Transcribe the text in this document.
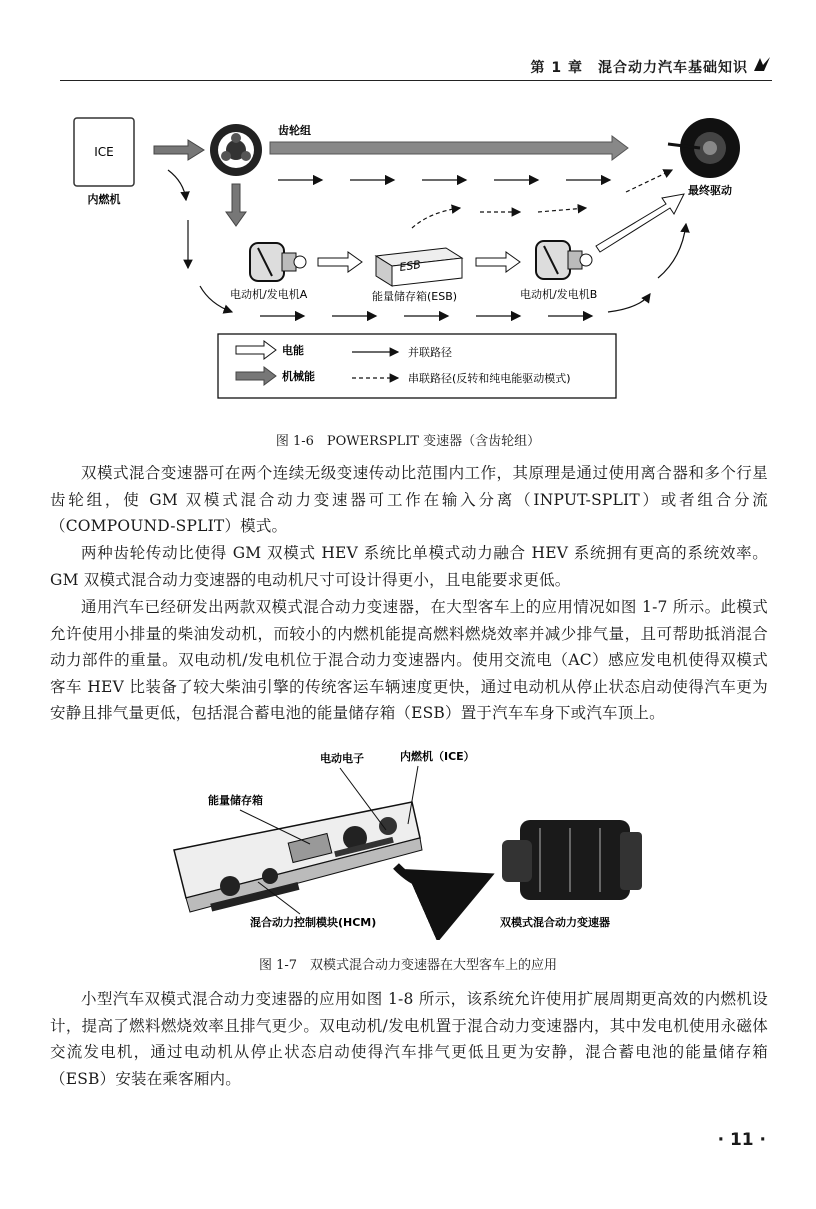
第 1 章　 混合动力汽车基础知识
ICE
内燃机
齿轮组
最终驱动
电动机/发电机A
ESB
能量储存箱(ESB)	电动机/发电机B
电能
机械能
并联路径
串联路径(反转和纯电能驱动模式)
图 1-6　POWERSPLIT 变速器（含齿轮组）

双模式混合变速器可在两个连续无级变速传动比范围内工作，其原理是通过使用离合器和多个行星齿轮组，使 GM 双模式混合动力变速器可工作在输入分离（INPUT-SPLIT）或者组合分流（COMPOUND-SPLIT）模式。

两种齿轮传动比使得 GM 双模式 HEV 系统比单模式动力融合 HEV 系统拥有更高的系统效率。GM 双模式混合动力变速器的电动机尺寸可设计得更小，且电能要求更低。

通用汽车已经研发出两款双模式混合动力变速器，在大型客车上的应用情况如图 1-7 所示。此模式允许使用小排量的柴油发动机，而较小的内燃机能提高燃料燃烧效率并减少排气量，且可帮助抵消混合动力部件的重量。双电动机/发电机位于混合动力变速器内。使用交流电（AC）感应发电机使得双模式客车 HEV 比装备了较大柴油引擎的传统客运车辆速度更快，通过电动机从停止状态启动使得汽车更为安静且排气量更低，包括混合蓄电池的能量储存箱（ESB）置于汽车车身下或汽车顶上。

电动电子	内燃机（ICE）
能量储存箱
混合动力控制模块(HCM)	双模式混合动力变速器
图 1-7　双模式混合动力变速器在大型客车上的应用

小型汽车双模式混合动力变速器的应用如图 1-8 所示，该系统允许使用扩展周期更高效的内燃机设计，提高了燃料燃烧效率且排气更少。双电动机/发电机置于混合动力变速器内，其中发电机使用永磁体交流发电机，通过电动机从停止状态启动使得汽车排气更低且更为安静，混合蓄电池的能量储存箱（ESB）安装在乘客厢内。

· 11 ·
